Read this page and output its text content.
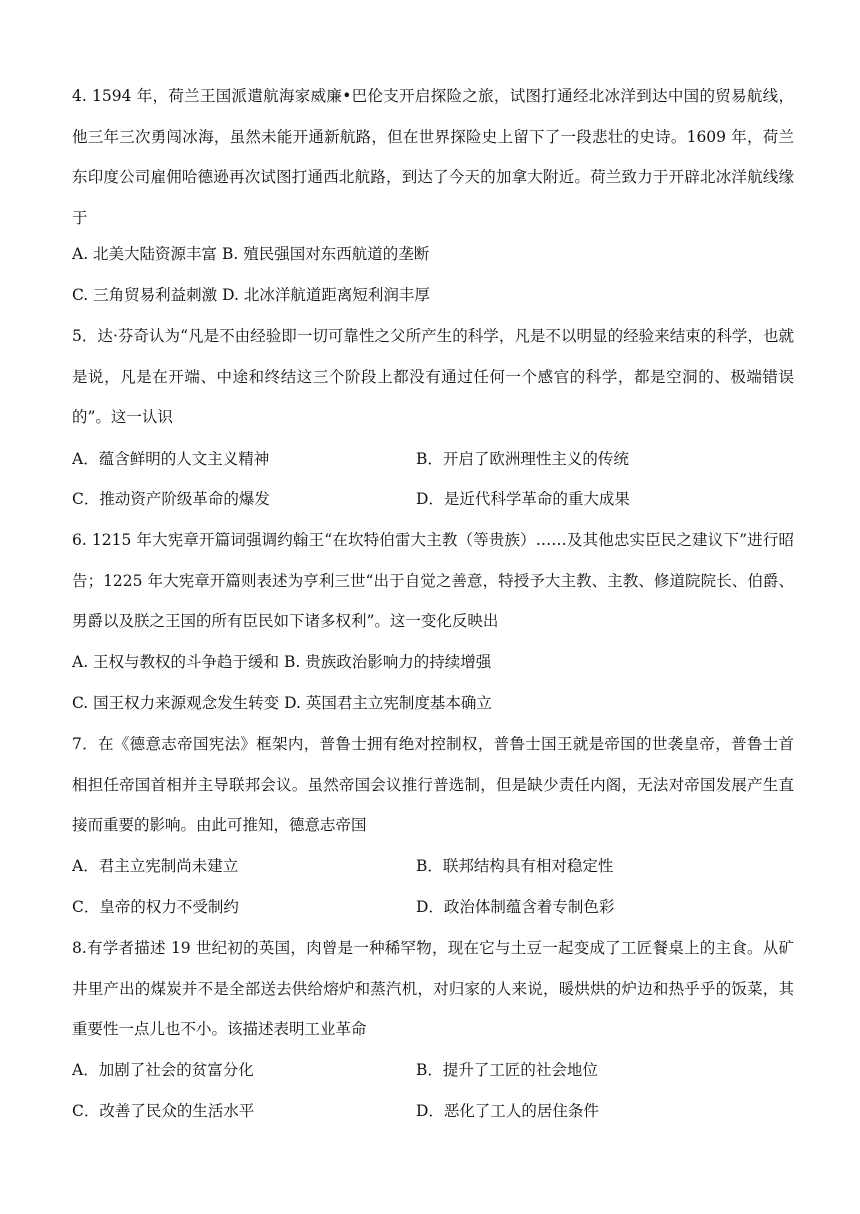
4. 1594 年，荷兰王国派遣航海家威廉•巴伦支开启探险之旅，试图打通经北冰洋到达中国的贸易航线，他三年三次勇闯冰海，虽然未能开通新航路，但在世界探险史上留下了一段悲壮的史诗。1609 年，荷兰东印度公司雇佣哈德逊再次试图打通西北航路，到达了今天的加拿大附近。荷兰致力于开辟北冰洋航线缘于
A. 北美大陆资源丰富 B. 殖民强国对东西航道的垄断
C. 三角贸易利益刺激 D. 北冰洋航道距离短利润丰厚
5．达·芬奇认为“凡是不由经验即一切可靠性之父所产生的科学，凡是不以明显的经验来结束的科学，也就是说，凡是在开端、中途和终结这三个阶段上都没有通过任何一个感官的科学，都是空洞的、极端错误的”。这一认识
A．蕴含鲜明的人文主义精神	B．开启了欧洲理性主义的传统
C．推动资产阶级革命的爆发	D．是近代科学革命的重大成果
6. 1215 年大宪章开篇词强调约翰王“在坎特伯雷大主教（等贵族）……及其他忠实臣民之建议下”进行昭告；1225 年大宪章开篇则表述为亨利三世“出于自觉之善意，特授予大主教、主教、修道院院长、伯爵、男爵以及朕之王国的所有臣民如下诸多权利”。这一变化反映出
A. 王权与教权的斗争趋于缓和 B. 贵族政治影响力的持续增强
C. 国王权力来源观念发生转变 D. 英国君主立宪制度基本确立
7．在《德意志帝国宪法》框架内，普鲁士拥有绝对控制权，普鲁士国王就是帝国的世袭皇帝，普鲁士首相担任帝国首相并主导联邦会议。虽然帝国会议推行普选制，但是缺少责任内阁，无法对帝国发展产生直接而重要的影响。由此可推知，德意志帝国
A．君主立宪制尚未建立	B．联邦结构具有相对稳定性
C．皇帝的权力不受制约	D．政治体制蕴含着专制色彩
8.有学者描述 19 世纪初的英国，肉曾是一种稀罕物，现在它与土豆一起变成了工匠餐桌上的主食。从矿井里产出的煤炭并不是全部送去供给熔炉和蒸汽机，对归家的人来说，暖烘烘的炉边和热乎乎的饭菜，其重要性一点儿也不小。该描述表明工业革命
A．加剧了社会的贫富分化	B．提升了工匠的社会地位
C．改善了民众的生活水平	D．恶化了工人的居住条件
